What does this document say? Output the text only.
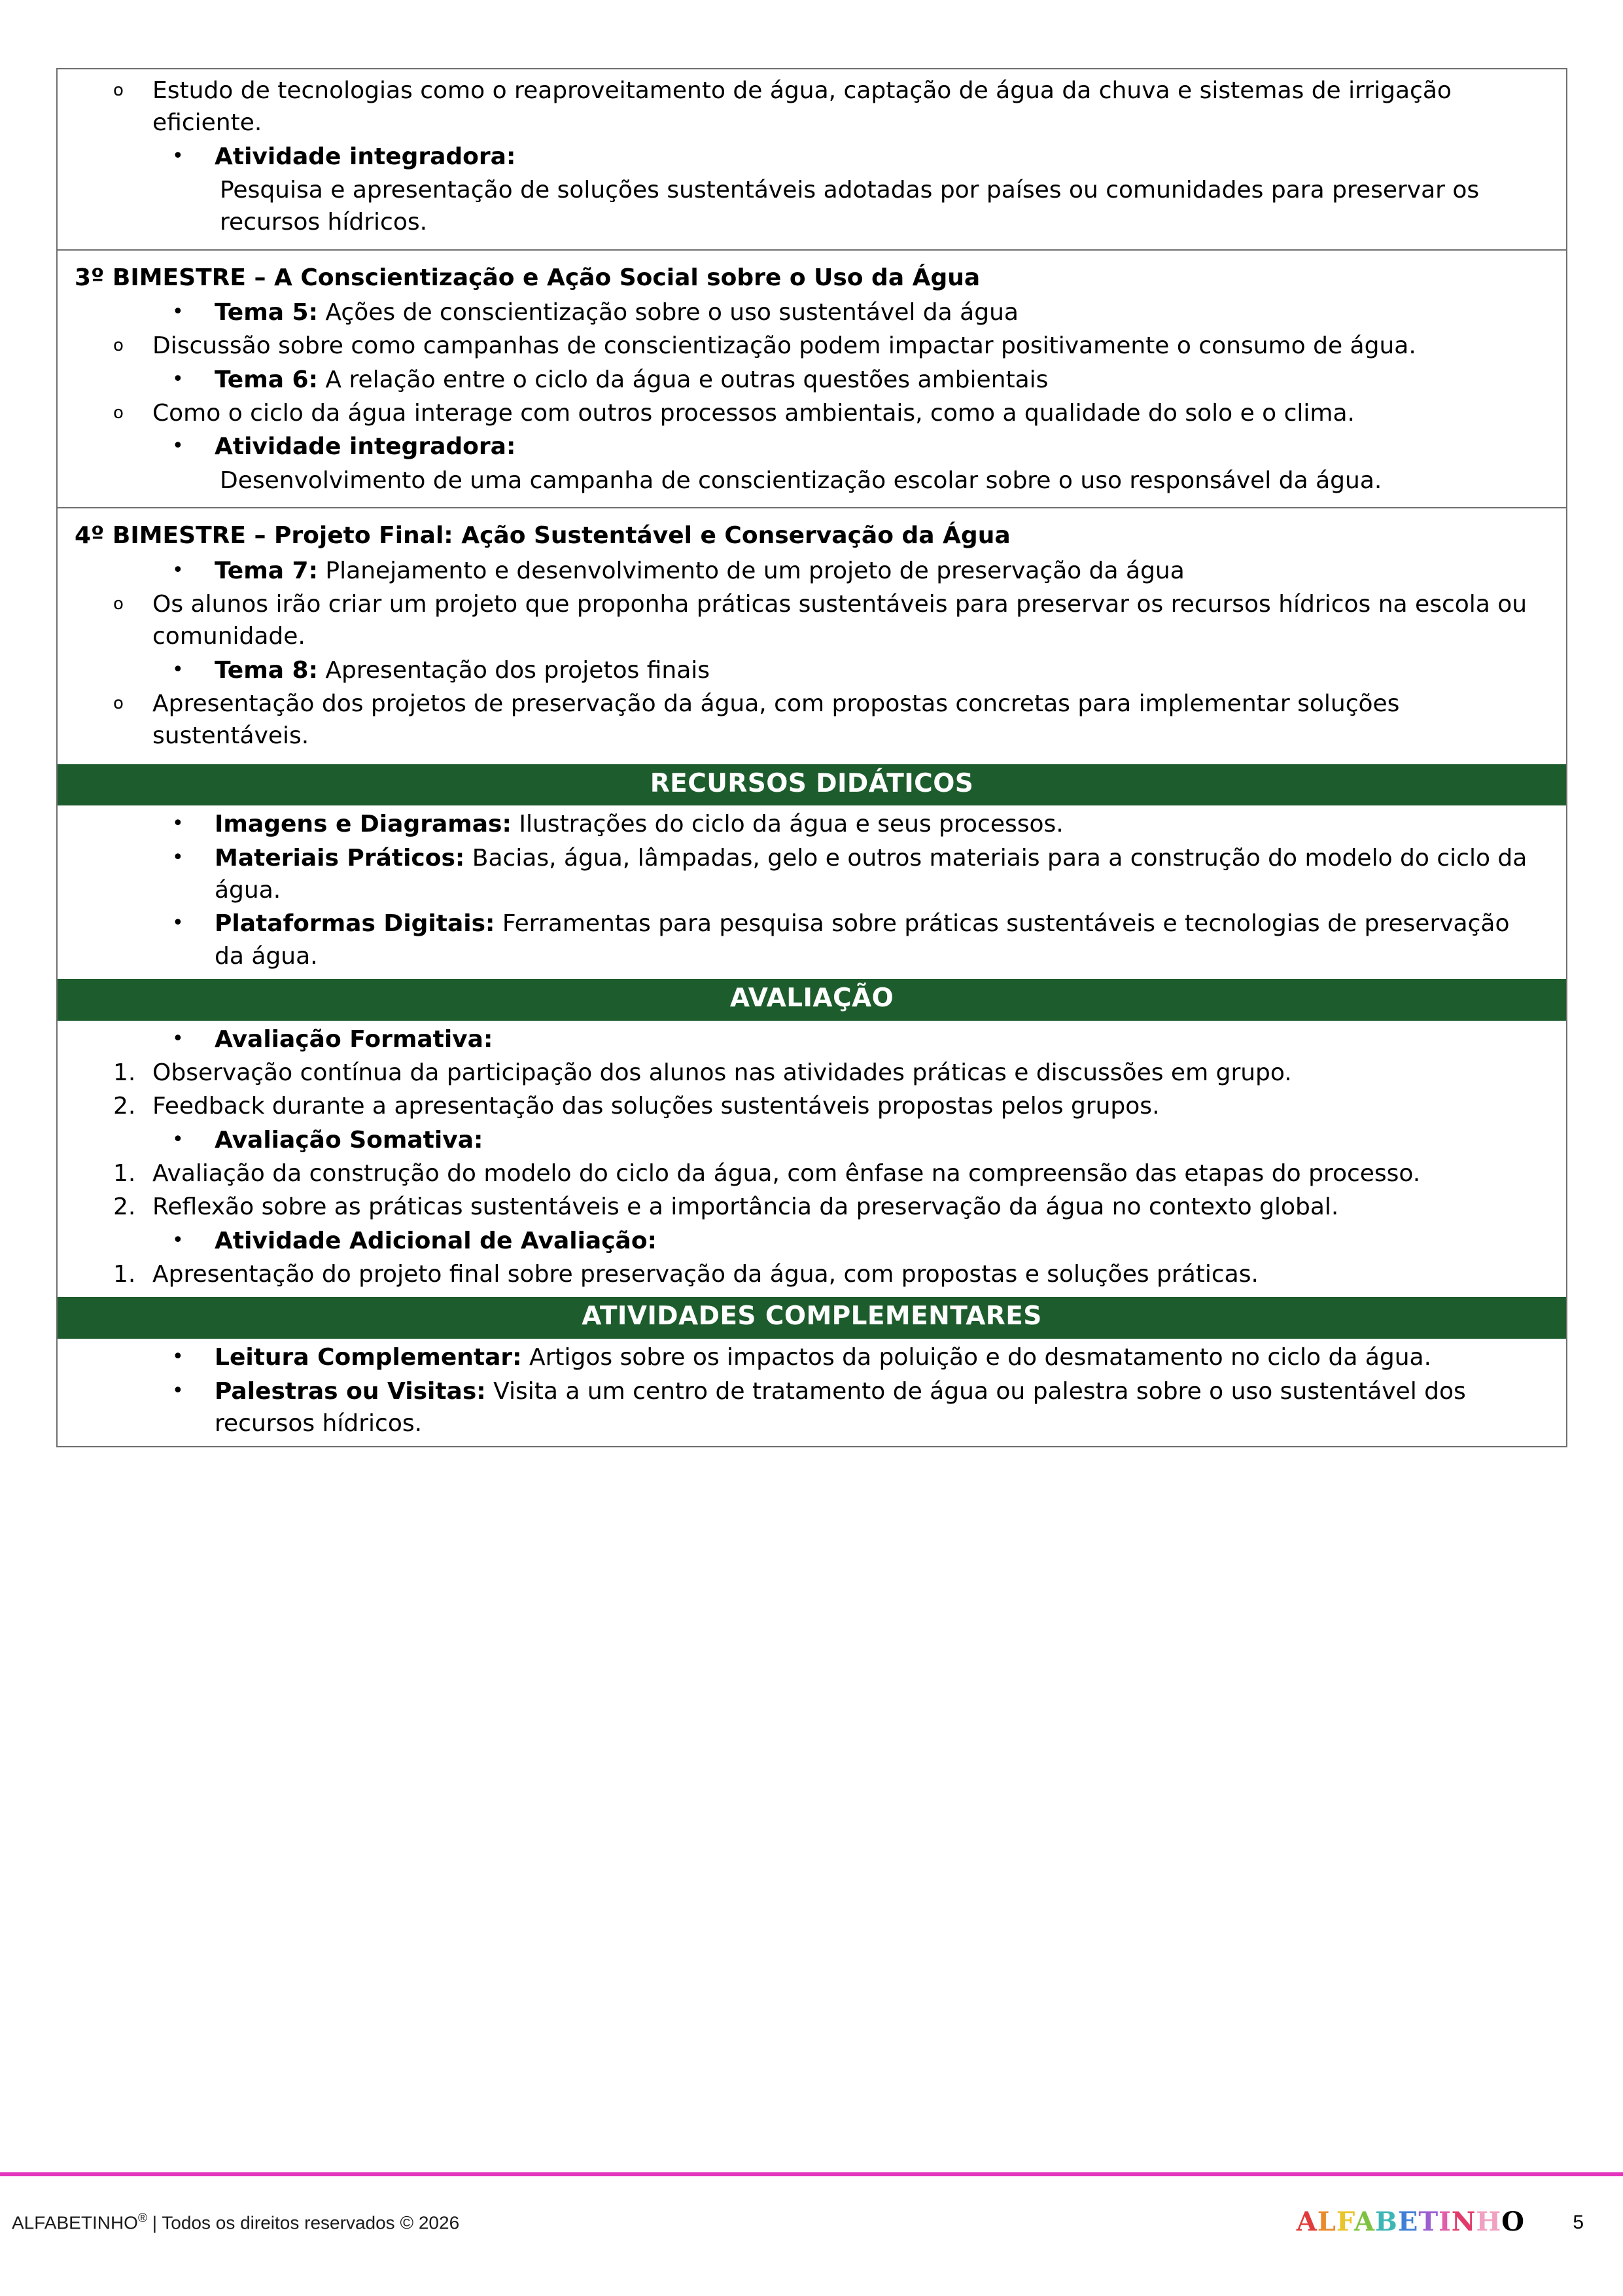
o Estudo de tecnologias como o reaproveitamento de água, captação de água da chuva e sistemas de irrigação eficiente.
• Atividade integradora:
Pesquisa e apresentação de soluções sustentáveis adotadas por países ou comunidades para preservar os recursos hídricos.
3º BIMESTRE – A Conscientização e Ação Social sobre o Uso da Água
• Tema 5: Ações de conscientização sobre o uso sustentável da água
o Discussão sobre como campanhas de conscientização podem impactar positivamente o consumo de água.
• Tema 6: A relação entre o ciclo da água e outras questões ambientais
o Como o ciclo da água interage com outros processos ambientais, como a qualidade do solo e o clima.
• Atividade integradora:
Desenvolvimento de uma campanha de conscientização escolar sobre o uso responsável da água.
4º BIMESTRE – Projeto Final: Ação Sustentável e Conservação da Água
• Tema 7: Planejamento e desenvolvimento de um projeto de preservação da água
o Os alunos irão criar um projeto que proponha práticas sustentáveis para preservar os recursos hídricos na escola ou comunidade.
• Tema 8: Apresentação dos projetos finais
o Apresentação dos projetos de preservação da água, com propostas concretas para implementar soluções sustentáveis.
RECURSOS DIDÁTICOS
• Imagens e Diagramas: Ilustrações do ciclo da água e seus processos.
• Materiais Práticos: Bacias, água, lâmpadas, gelo e outros materiais para a construção do modelo do ciclo da água.
• Plataformas Digitais: Ferramentas para pesquisa sobre práticas sustentáveis e tecnologias de preservação da água.
AVALIAÇÃO
• Avaliação Formativa:
Observação contínua da participação dos alunos nas atividades práticas e discussões em grupo.
Feedback durante a apresentação das soluções sustentáveis propostas pelos grupos.
• Avaliação Somativa:
Avaliação da construção do modelo do ciclo da água, com ênfase na compreensão das etapas do processo.
Reflexão sobre as práticas sustentáveis e a importância da preservação da água no contexto global.
• Atividade Adicional de Avaliação:
Apresentação do projeto final sobre preservação da água, com propostas e soluções práticas.
ATIVIDADES COMPLEMENTARES
• Leitura Complementar: Artigos sobre os impactos da poluição e do desmatamento no ciclo da água.
• Palestras ou Visitas: Visita a um centro de tratamento de água ou palestra sobre o uso sustentável dos recursos hídricos.
ALFABETINHO® | Todos os direitos reservados © 2026	ALFABETINHO 5
